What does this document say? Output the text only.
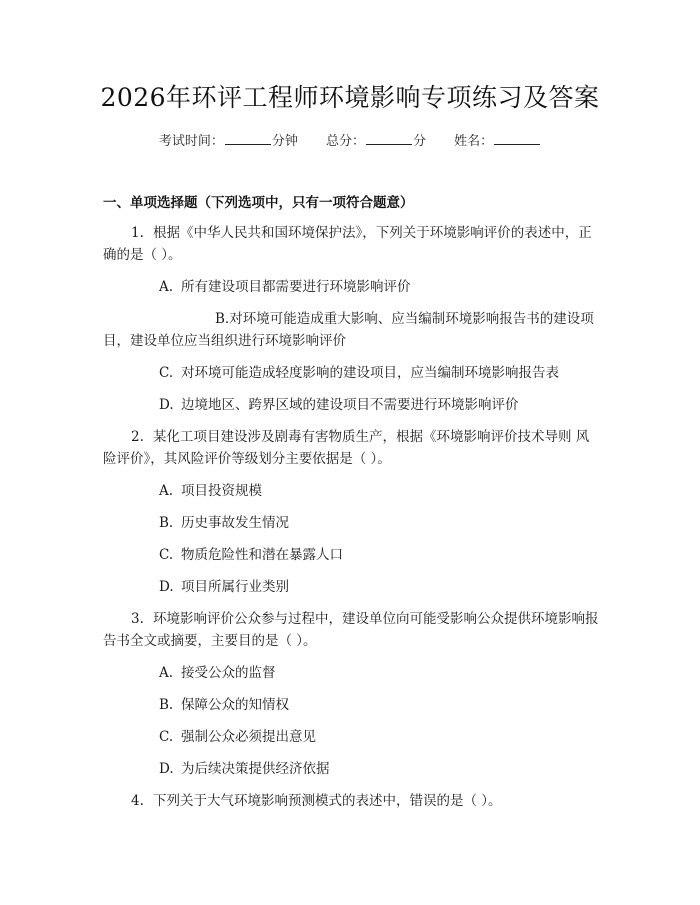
2026年环评工程师环境影响专项练习及答案
考试时间：	分钟 总分：	分 姓名：
一、单项选择题（下列选项中，只有一项符合题意）

1. 根据《中华人民共和国环境保护法》，下列关于环境影响评价的表述中，正确的是（ ）。

A. 所有建设项目都需要进行环境影响评价

B.对环境可能造成重大影响、应当编制环境影响报告书的建设项目，建设单位应当组织进行环境影响评价

C. 对环境可能造成轻度影响的建设项目，应当编制环境影响报告表

D. 边境地区、跨界区域的建设项目不需要进行环境影响评价

2. 某化工项目建设涉及剧毒有害物质生产，根据《环境影响评价技术导则 风险评价》，其风险评价等级划分主要依据是（ ）。

A. 项目投资规模

B. 历史事故发生情况

C. 物质危险性和潜在暴露人口

D. 项目所属行业类别

3. 环境影响评价公众参与过程中，建设单位向可能受影响公众提供环境影响报告书全文或摘要，主要目的是（ ）。

A. 接受公众的监督

B. 保障公众的知情权

C. 强制公众必须提出意见

D. 为后续决策提供经济依据

4. 下列关于大气环境影响预测模式的表述中，错误的是（ ）。
